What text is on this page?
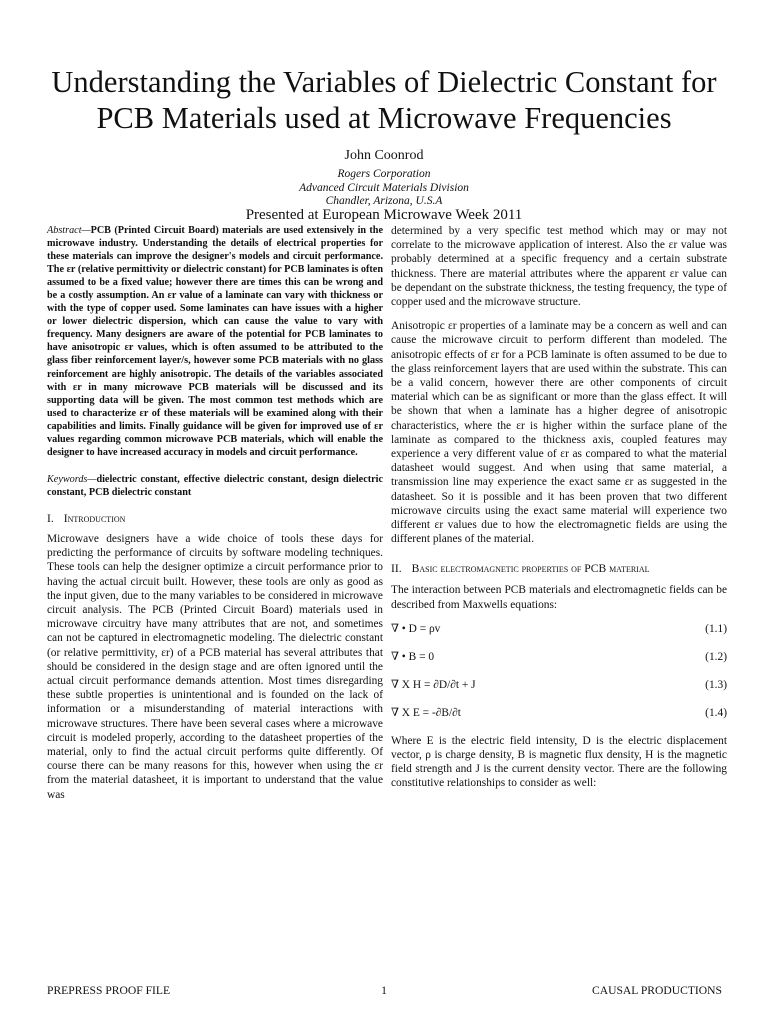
Understanding the Variables of Dielectric Constant for PCB Materials used at Microwave Frequencies
John Coonrod
Rogers Corporation
Advanced Circuit Materials Division
Chandler, Arizona, U.S.A
Presented at European Microwave Week 2011

Abstract—PCB (Printed Circuit Board) materials are used extensively in the microwave industry. Understanding the details of electrical properties for these materials can improve the designer's models and circuit performance. The εr (relative permittivity or dielectric constant) for PCB laminates is often assumed to be a fixed value; however there are times this can be wrong and be a costly assumption. An εr value of a laminate can vary with thickness or with the type of copper used. Some laminates can have issues with a higher or lower dielectric dispersion, which can cause the value to vary with frequency. Many designers are aware of the potential for PCB laminates to have anisotropic εr values, which is often assumed to be attributed to the glass fiber reinforcement layer/s, however some PCB materials with no glass reinforcement are highly anisotropic. The details of the variables associated with εr in many microwave PCB materials will be discussed and its supporting data will be given. The most common test methods which are used to characterize εr of these materials will be examined along with their capabilities and limits. Finally guidance will be given for improved use of εr values regarding common microwave PCB materials, which will enable the designer to have increased accuracy in models and circuit performance.

Keywords—dielectric constant, effective dielectric constant, design dielectric constant, PCB dielectric constant

I. Introduction

Microwave designers have a wide choice of tools these days for predicting the performance of circuits by software modeling techniques. These tools can help the designer optimize a circuit performance prior to having the actual circuit built. However, these tools are only as good as the input given, due to the many variables to be considered in microwave circuit analysis. The PCB (Printed Circuit Board) materials used in microwave circuitry have many attributes that are not, and sometimes can not be captured in electromagnetic modeling. The dielectric constant (or relative permittivity, εr) of a PCB material has several attributes that should be considered in the design stage and are often ignored until the actual circuit performance demands attention. Most times disregarding these subtle properties is unintentional and is founded on the lack of information or a misunderstanding of material interactions with microwave structures. There have been several cases where a microwave circuit is modeled properly, according to the datasheet properties of the material, only to find the actual circuit performs quite differently. Of course there can be many reasons for this, however when using the εr from the material datasheet, it is important to understand that the value was

determined by a very specific test method which may or may not correlate to the microwave application of interest. Also the εr value was probably determined at a specific frequency and a certain substrate thickness. There are material attributes where the apparent εr value can be dependant on the substrate thickness, the testing frequency, the type of copper used and the microwave structure.

Anisotropic εr properties of a laminate may be a concern as well and can cause the microwave circuit to perform different than modeled. The anisotropic effects of εr for a PCB laminate is often assumed to be due to the glass reinforcement layers that are used within the substrate. This can be a valid concern, however there are other components of circuit material which can be as significant or more than the glass effect. It will be shown that when a laminate has a higher degree of anisotropic characteristics, where the εr is higher within the surface plane of the laminate as compared to the thickness axis, coupled features may experience a very different value of εr as compared to what the material datasheet would suggest. And when using that same material, a transmission line may experience the exact same εr as suggested in the datasheet. So it is possible and it has been proven that two different microwave circuits using the exact same material will experience two different εr values due to how the electromagnetic fields are using the different planes of the material.

II. Basic electromagnetic properties of PCB material

The interaction between PCB materials and electromagnetic fields can be described from Maxwells equations:

∇ • D = ρv	(1.1)
∇ • B = 0	(1.2)
∇ X H = ∂D/∂t + J	(1.3)
∇ X E = -∂B/∂t	(1.4)

Where E is the electric field intensity, D is the electric displacement vector, ρ is charge density, B is magnetic flux density, H is the magnetic field strength and J is the current density vector. There are the following constitutive relationships to consider as well:

PREPRESS PROOF FILE	1	CAUSAL PRODUCTIONS
